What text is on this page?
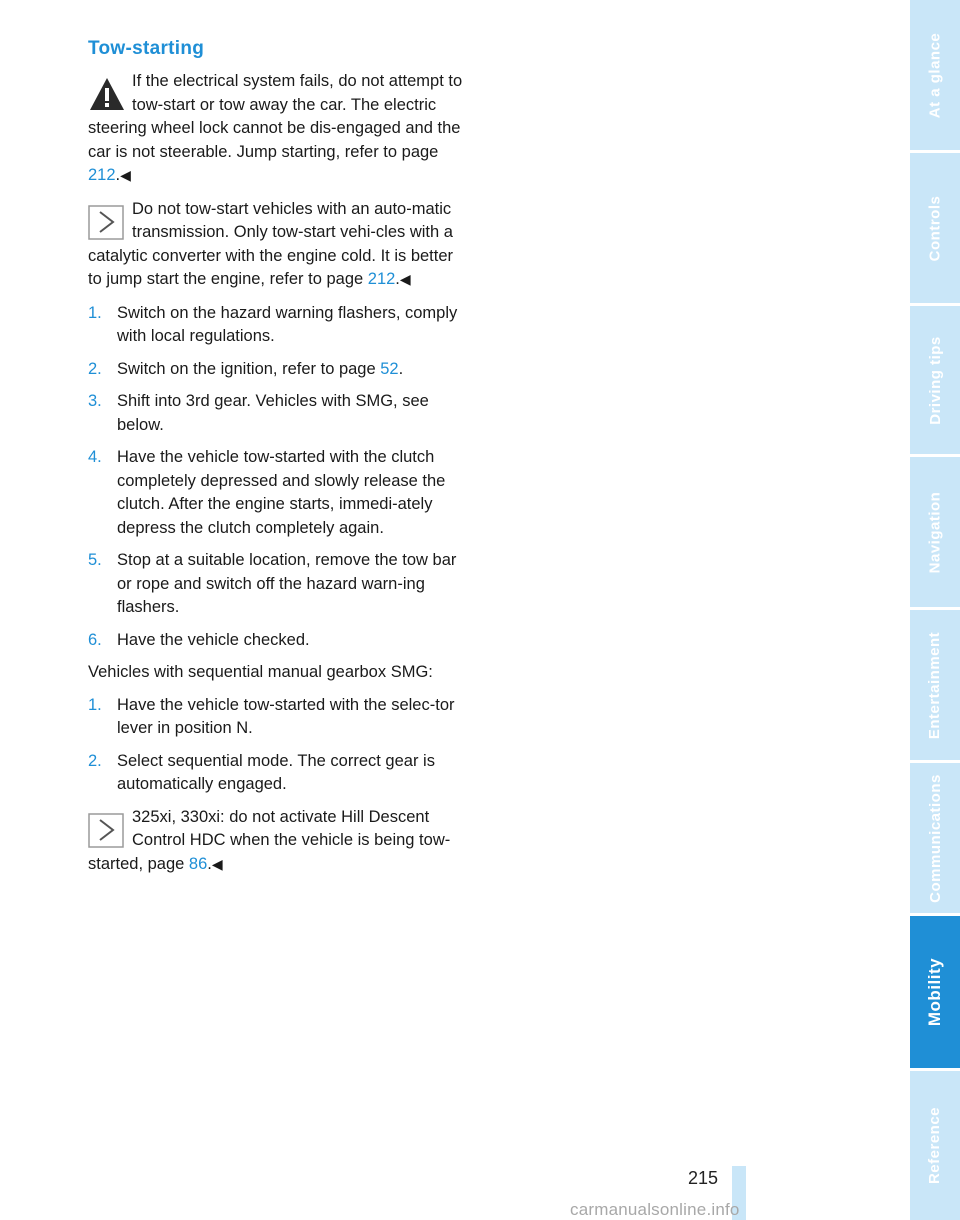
Tow-starting

If the electrical system fails, do not attempt to tow-start or tow away the car. The electric steering wheel lock cannot be dis-engaged and the car is not steerable. Jump starting, refer to page 212.◀

Do not tow-start vehicles with an auto-matic transmission. Only tow-start vehi-cles with a catalytic converter with the engine cold. It is better to jump start the engine, refer to page 212.◀

1. Switch on the hazard warning flashers, comply with local regulations.
2. Switch on the ignition, refer to page 52.
3. Shift into 3rd gear. Vehicles with SMG, see below.
4. Have the vehicle tow-started with the clutch completely depressed and slowly release the clutch. After the engine starts, immedi-ately depress the clutch completely again.
5. Stop at a suitable location, remove the tow bar or rope and switch off the hazard warn-ing flashers.
6. Have the vehicle checked.

Vehicles with sequential manual gearbox SMG:

1. Have the vehicle tow-started with the selec-tor lever in position N.
2. Select sequential mode. The correct gear is automatically engaged.

325xi, 330xi: do not activate Hill Descent Control HDC when the vehicle is being tow-started, page 86.◀

At a glance
Controls
Driving tips
Navigation
Entertainment
Communications
Mobility
Reference
215
carmanualsonline.info
